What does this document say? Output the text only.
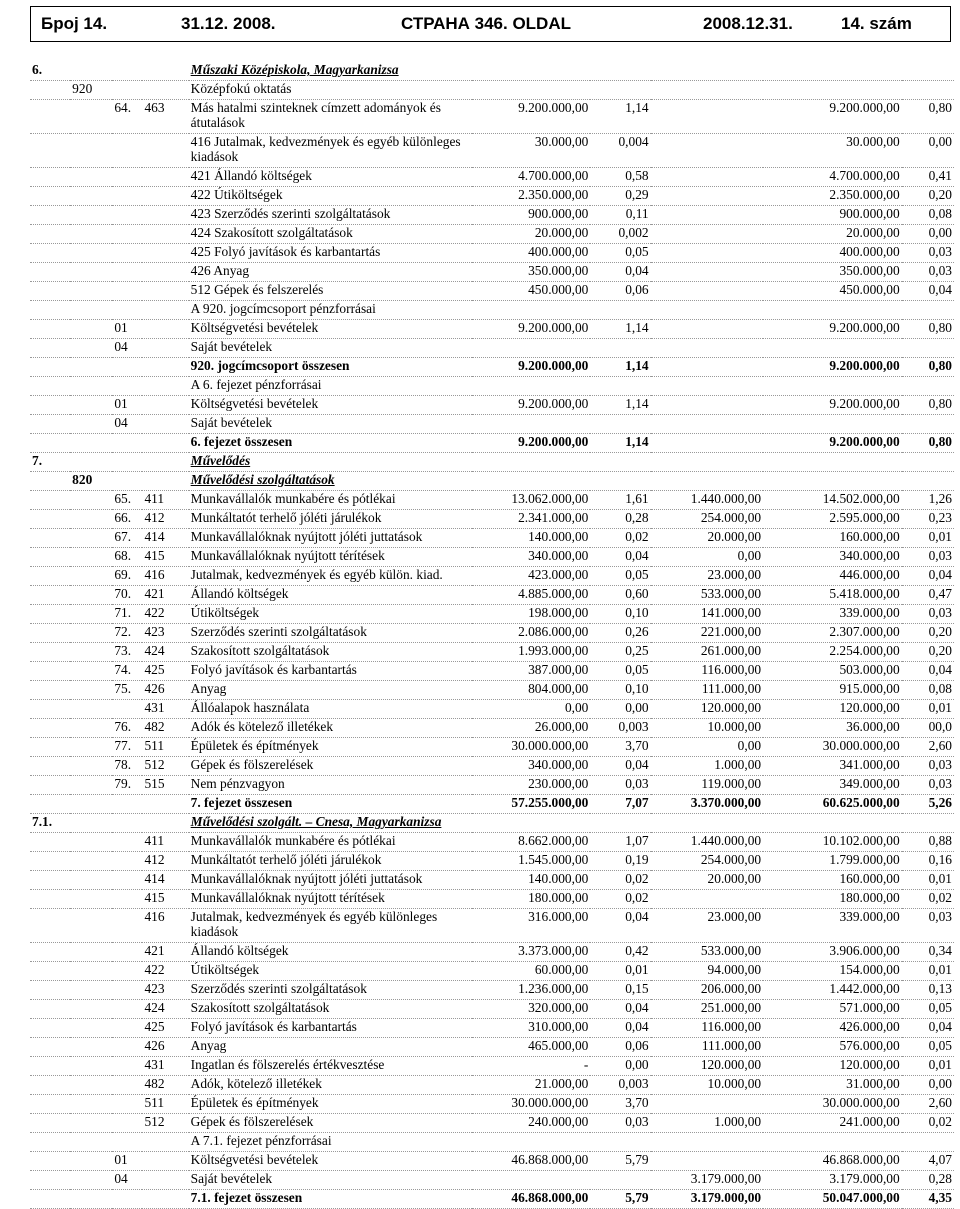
Број 14.	31.12. 2008.	СТРАНА 346. OLDAL	2008.12.31.	14. szám
6.				Műszaki Középiskola, Magyarkanizsa					
	920			Középfokú oktatás					
		64.	463	Más hatalmi szinteknek címzett adományok és átutalások	9.200.000,00	1,14		9.200.000,00	0,80
				416 Jutalmak, kedvezmények és egyéb különleges kiadások	30.000,00	0,004		30.000,00	0,00
				421 Állandó költségek	4.700.000,00	0,58		4.700.000,00	0,41
				422 Útiköltségek	2.350.000,00	0,29		2.350.000,00	0,20
				423 Szerződés szerinti szolgáltatások	900.000,00	0,11		900.000,00	0,08
				424 Szakosított szolgáltatások	20.000,00	0,002		20.000,00	0,00
				425 Folyó javítások és karbantartás	400.000,00	0,05		400.000,00	0,03
				426 Anyag	350.000,00	0,04		350.000,00	0,03
				512 Gépek és felszerelés	450.000,00	0,06		450.000,00	0,04
				A 920. jogcímcsoport pénzforrásai					
		01		Költségvetési bevételek	9.200.000,00	1,14		9.200.000,00	0,80
		04		Saját bevételek					
				920. jogcímcsoport összesen	9.200.000,00	1,14		9.200.000,00	0,80
				A 6. fejezet pénzforrásai					
		01		Költségvetési bevételek	9.200.000,00	1,14		9.200.000,00	0,80
		04		Saját bevételek					
				6. fejezet összesen	9.200.000,00	1,14		9.200.000,00	0,80
7.				Művelődés					
	820			Művelődési szolgáltatások					
		65.	411	Munkavállalók munkabére és pótlékai	13.062.000,00	1,61	1.440.000,00	14.502.000,00	1,26
		66.	412	Munkáltatót terhelő jóléti járulékok	2.341.000,00	0,28	254.000,00	2.595.000,00	0,23
		67.	414	Munkavállalóknak nyújtott jóléti juttatások	140.000,00	0,02	20.000,00	160.000,00	0,01
		68.	415	Munkavállalóknak nyújtott térítések	340.000,00	0,04	0,00	340.000,00	0,03
		69.	416	Jutalmak, kedvezmények és egyéb külön. kiad.	423.000,00	0,05	23.000,00	446.000,00	0,04
		70.	421	Állandó költségek	4.885.000,00	0,60	533.000,00	5.418.000,00	0,47
		71.	422	Útiköltségek	198.000,00	0,10	141.000,00	339.000,00	0,03
		72.	423	Szerződés szerinti szolgáltatások	2.086.000,00	0,26	221.000,00	2.307.000,00	0,20
		73.	424	Szakosított szolgáltatások	1.993.000,00	0,25	261.000,00	2.254.000,00	0,20
		74.	425	Folyó javítások és karbantartás	387.000,00	0,05	116.000,00	503.000,00	0,04
		75.	426	Anyag	804.000,00	0,10	111.000,00	915.000,00	0,08
			431	Állóalapok használata	0,00	0,00	120.000,00	120.000,00	0,01
		76.	482	Adók és kötelező illetékek	26.000,00	0,003	10.000,00	36.000,00	00,0
		77.	511	Épületek és építmények	30.000.000,00	3,70	0,00	30.000.000,00	2,60
		78.	512	Gépek és fölszerelések	340.000,00	0,04	1.000,00	341.000,00	0,03
		79.	515	Nem pénzvagyon	230.000,00	0,03	119.000,00	349.000,00	0,03
				7. fejezet összesen	57.255.000,00	7,07	3.370.000,00	60.625.000,00	5,26
7.1.				Művelődési szolgált. – Cnesa, Magyarkanizsa					
			411	Munkavállalók munkabére és pótlékai	8.662.000,00	1,07	1.440.000,00	10.102.000,00	0,88
			412	Munkáltatót terhelő jóléti járulékok	1.545.000,00	0,19	254.000,00	1.799.000,00	0,16
			414	Munkavállalóknak nyújtott jóléti juttatások	140.000,00	0,02	20.000,00	160.000,00	0,01
			415	Munkavállalóknak nyújtott térítések	180.000,00	0,02		180.000,00	0,02
			416	Jutalmak, kedvezmények és egyéb különleges kiadások	316.000,00	0,04	23.000,00	339.000,00	0,03
			421	Állandó költségek	3.373.000,00	0,42	533.000,00	3.906.000,00	0,34
			422	Útiköltségek	60.000,00	0,01	94.000,00	154.000,00	0,01
			423	Szerződés szerinti szolgáltatások	1.236.000,00	0,15	206.000,00	1.442.000,00	0,13
			424	Szakosított szolgáltatások	320.000,00	0,04	251.000,00	571.000,00	0,05
			425	Folyó javítások és karbantartás	310.000,00	0,04	116.000,00	426.000,00	0,04
			426	Anyag	465.000,00	0,06	111.000,00	576.000,00	0,05
			431	Ingatlan és fölszerelés értékvesztése	-	0,00	120.000,00	120.000,00	0,01
			482	Adók, kötelező illetékek	21.000,00	0,003	10.000,00	31.000,00	0,00
			511	Épületek és építmények	30.000.000,00	3,70		30.000.000,00	2,60
			512	Gépek és fölszerelések	240.000,00	0,03	1.000,00	241.000,00	0,02
				A 7.1. fejezet pénzforrásai					
		01		Költségvetési bevételek	46.868.000,00	5,79		46.868.000,00	4,07
		04		Saját bevételek			3.179.000,00	3.179.000,00	0,28
				7.1. fejezet összesen	46.868.000,00	5,79	3.179.000,00	50.047.000,00	4,35
